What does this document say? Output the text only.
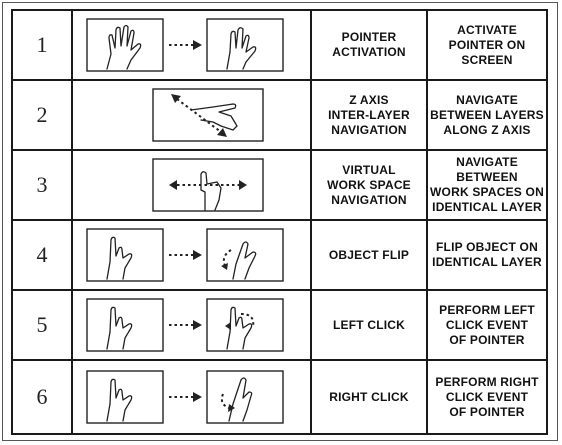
1		POINTER
ACTIVATION	ACTIVATE
POINTER ON
SCREEN

2		Z AXIS
INTER-LAYER
NAVIGATION	NAVIGATE
BETWEEN LAYERS
ALONG Z AXIS

3		VIRTUAL
WORK SPACE
NAVIGATION	NAVIGATE BETWEEN
WORK SPACES ON
IDENTICAL LAYER

4		OBJECT FLIP	FLIP OBJECT ON
IDENTICAL LAYER

5		LEFT CLICK	PERFORM LEFT
CLICK EVENT
OF POINTER

6		RIGHT CLICK	PERFORM RIGHT
CLICK EVENT
OF POINTER
